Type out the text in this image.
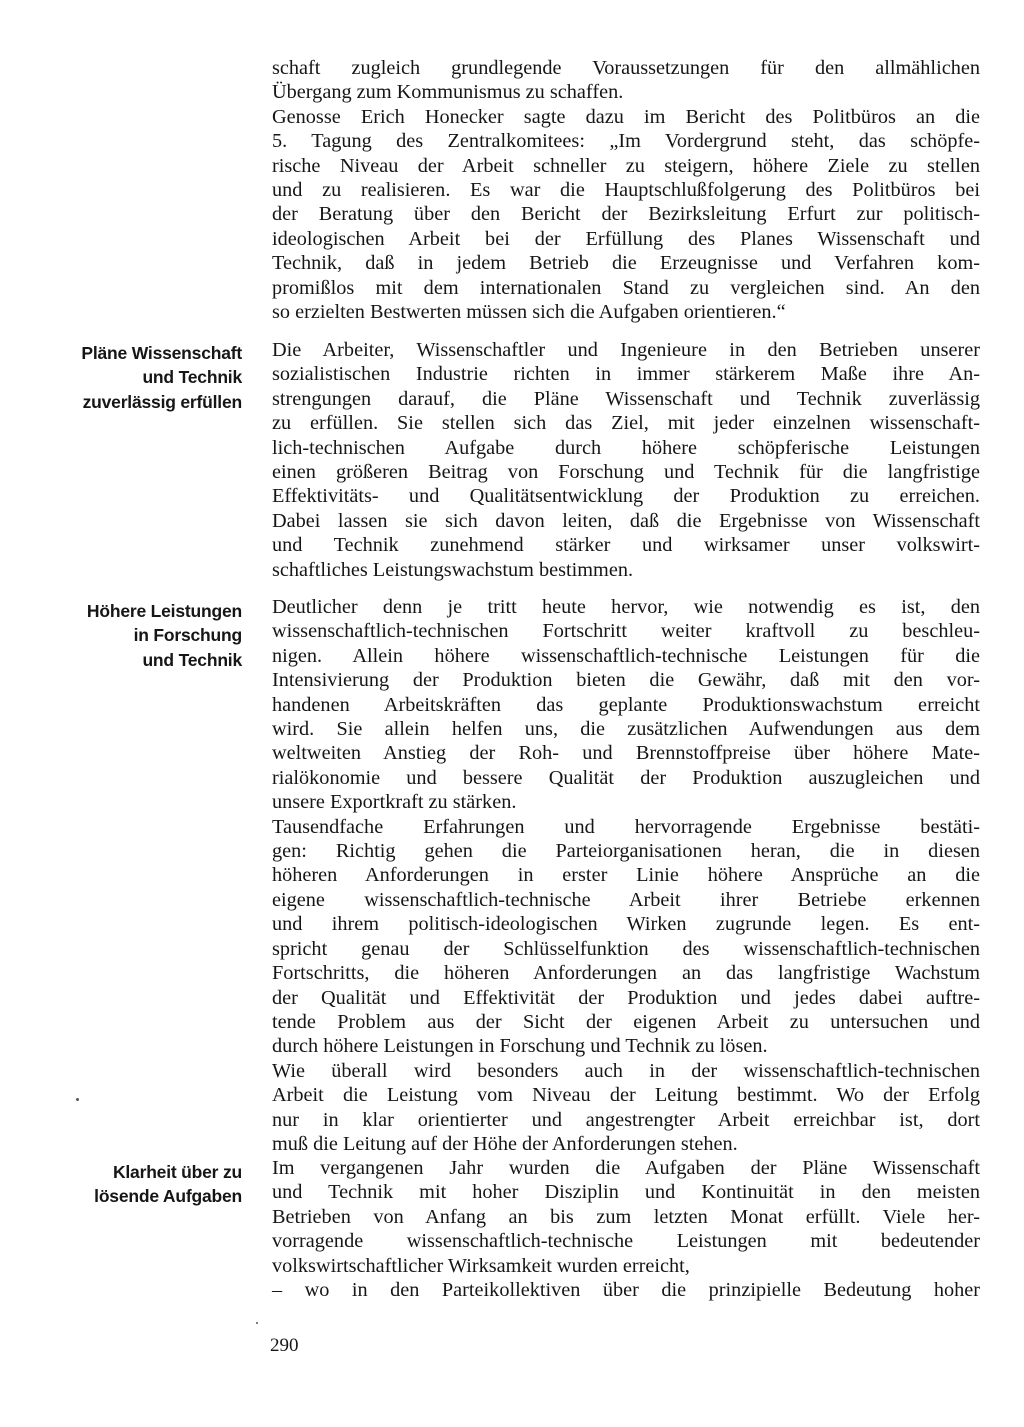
schaft zugleich grundlegende Voraussetzungen für den allmählichen
Übergang zum Kommunismus zu schaffen.
Genosse Erich Honecker sagte dazu im Bericht des Politbüros an die
5. Tagung des Zentralkomitees: „Im Vordergrund steht, das schöpfe-
rische Niveau der Arbeit schneller zu steigern, höhere Ziele zu stellen
und zu realisieren. Es war die Hauptschlußfolgerung des Politbüros bei
der Beratung über den Bericht der Bezirksleitung Erfurt zur politisch-
ideologischen Arbeit bei der Erfüllung des Planes Wissenschaft und
Technik, daß in jedem Betrieb die Erzeugnisse und Verfahren kom-
promißlos mit dem internationalen Stand zu vergleichen sind. An den
so erzielten Bestwerten müssen sich die Aufgaben orientieren.“
Pläne Wissenschaft
und Technik
zuverlässig erfüllen
Die Arbeiter, Wissenschaftler und Ingenieure in den Betrieben unserer
sozialistischen Industrie richten in immer stärkerem Maße ihre An-
strengungen darauf, die Pläne Wissenschaft und Technik zuverlässig
zu erfüllen. Sie stellen sich das Ziel, mit jeder einzelnen wissenschaft-
lich-technischen Aufgabe durch höhere schöpferische Leistungen
einen größeren Beitrag von Forschung und Technik für die langfristige
Effektivitäts- und Qualitätsentwicklung der Produktion zu erreichen.
Dabei lassen sie sich davon leiten, daß die Ergebnisse von Wissenschaft
und Technik zunehmend stärker und wirksamer unser volkswirt-
schaftliches Leistungswachstum bestimmen.
Höhere Leistungen
in Forschung
und Technik
Deutlicher denn je tritt heute hervor, wie notwendig es ist, den
wissenschaftlich-technischen Fortschritt weiter kraftvoll zu beschleu-
nigen. Allein höhere wissenschaftlich-technische Leistungen für die
Intensivierung der Produktion bieten die Gewähr, daß mit den vor-
handenen Arbeitskräften das geplante Produktionswachstum erreicht
wird. Sie allein helfen uns, die zusätzlichen Aufwendungen aus dem
weltweiten Anstieg der Roh- und Brennstoffpreise über höhere Mate-
rialökonomie und bessere Qualität der Produktion auszugleichen und
unsere Exportkraft zu stärken.
Tausendfache Erfahrungen und hervorragende Ergebnisse bestäti-
gen: Richtig gehen die Parteiorganisationen heran, die in diesen
höheren Anforderungen in erster Linie höhere Ansprüche an die
eigene wissenschaftlich-technische Arbeit ihrer Betriebe erkennen
und ihrem politisch-ideologischen Wirken zugrunde legen. Es ent-
spricht genau der Schlüsselfunktion des wissenschaftlich-technischen
Fortschritts, die höheren Anforderungen an das langfristige Wachstum
der Qualität und Effektivität der Produktion und jedes dabei auftre-
tende Problem aus der Sicht der eigenen Arbeit zu untersuchen und
durch höhere Leistungen in Forschung und Technik zu lösen.
Wie überall wird besonders auch in der wissenschaftlich-technischen
Arbeit die Leistung vom Niveau der Leitung bestimmt. Wo der Erfolg
nur in klar orientierter und angestrengter Arbeit erreichbar ist, dort
muß die Leitung auf der Höhe der Anforderungen stehen.
Klarheit über zu
lösende Aufgaben
Im vergangenen Jahr wurden die Aufgaben der Pläne Wissenschaft
und Technik mit hoher Disziplin und Kontinuität in den meisten
Betrieben von Anfang an bis zum letzten Monat erfüllt. Viele her-
vorragende wissenschaftlich-technische Leistungen mit bedeutender
volkswirtschaftlicher Wirksamkeit wurden erreicht,
– wo in den Parteikollektiven über die prinzipielle Bedeutung hoher
290
